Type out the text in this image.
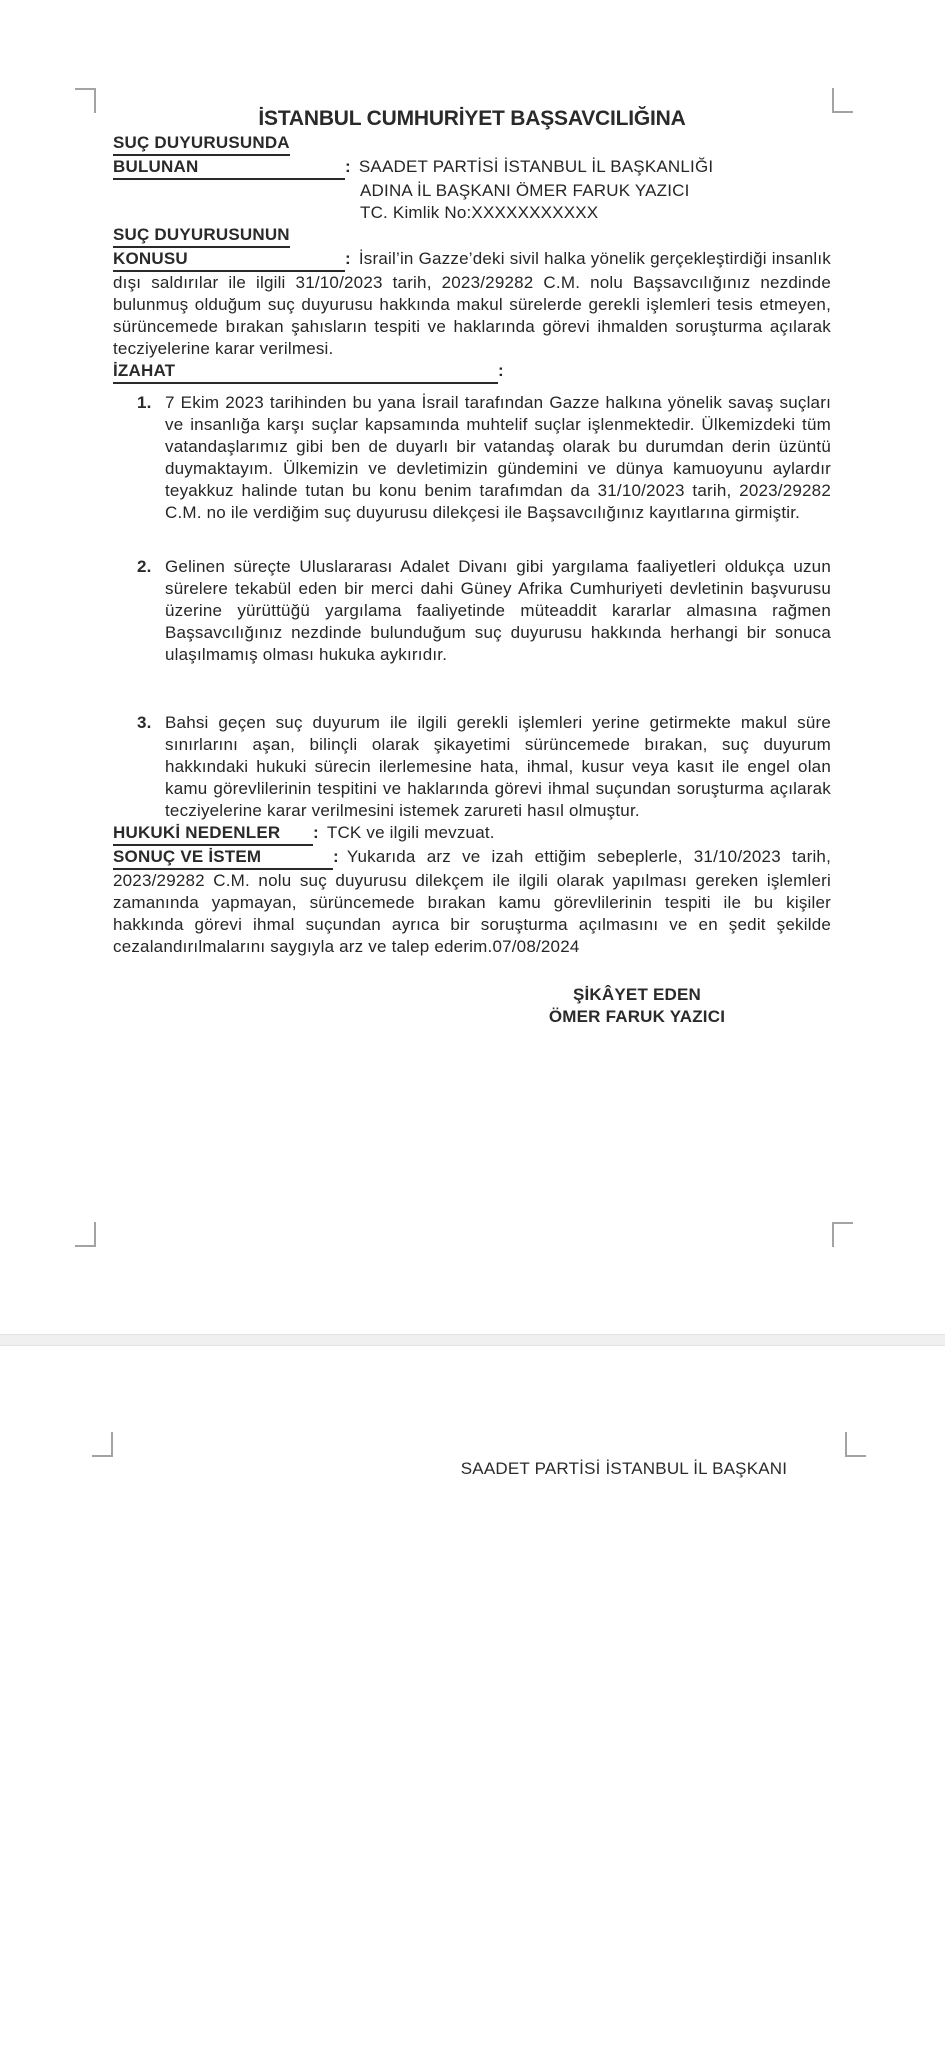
İSTANBUL CUMHURİYET BAŞSAVCILIĞINA

SUÇ DUYURUSUNDA
BULUNAN	: SAADET PARTİSİ İSTANBUL İL BAŞKANLIĞI
ADINA İL BAŞKANI ÖMER FARUK YAZICI
TC. Kimlik No:XXXXXXXXXXX

SUÇ DUYURUSUNUN
KONUSU	: İsrail’in Gazze’deki sivil halka yönelik gerçekleştirdiği insanlık dışı saldırılar ile ilgili 31/10/2023 tarih, 2023/29282 C.M. nolu Başsavcılığınız nezdinde bulunmuş olduğum suç duyurusu hakkında makul sürelerde gerekli işlemleri tesis etmeyen, sürüncemede bırakan şahısların tespiti ve haklarında görevi ihmalden soruşturma açılarak tecziyelerine karar verilmesi.

İZAHAT	:

7 Ekim 2023 tarihinden bu yana İsrail tarafından Gazze halkına yönelik savaş suçları ve insanlığa karşı suçlar kapsamında muhtelif suçlar işlenmektedir. Ülkemizdeki tüm vatandaşlarımız gibi ben de duyarlı bir vatandaş olarak bu durumdan derin üzüntü duymaktayım. Ülkemizin ve devletimizin gündemini ve dünya kamuoyunu aylardır teyakkuz halinde tutan bu konu benim tarafımdan da 31/10/2023 tarih, 2023/29282 C.M. no ile verdiğim suç duyurusu dilekçesi ile Başsavcılığınız kayıtlarına girmiştir.
Gelinen süreçte Uluslararası Adalet Divanı gibi yargılama faaliyetleri oldukça uzun sürelere tekabül eden bir merci dahi Güney Afrika Cumhuriyeti devletinin başvurusu üzerine yürüttüğü yargılama faaliyetinde müteaddit kararlar almasına rağmen Başsavcılığınız nezdinde bulunduğum suç duyurusu hakkında herhangi bir sonuca ulaşılmamış olması hukuka aykırıdır.
Bahsi geçen suç duyurum ile ilgili gerekli işlemleri yerine getirmekte makul süre sınırlarını aşan, bilinçli olarak şikayetimi sürüncemede bırakan, suç duyurum hakkındaki hukuki sürecin ilerlemesine hata, ihmal, kusur veya kasıt ile engel olan kamu görevlilerinin tespitini ve haklarında görevi ihmal suçundan soruşturma açılarak tecziyelerine karar verilmesini istemek zarureti hasıl olmuştur.

HUKUKİ NEDENLER : TCK ve ilgili mevzuat.

SONUÇ VE İSTEM	: Yukarıda arz ve izah ettiğim sebeplerle, 31/10/2023 tarih, 2023/29282 C.M. nolu suç duyurusu dilekçem ile ilgili olarak yapılması gereken işlemleri zamanında yapmayan, sürüncemede bırakan kamu görevlilerinin tespiti ile bu kişiler hakkında görevi ihmal suçundan ayrıca bir soruşturma açılmasını ve en şedit şekilde cezalandırılmalarını saygıyla arz ve talep ederim.07/08/2024

ŞİKÂYET EDEN
ÖMER FARUK YAZICI
SAADET PARTİSİ İSTANBUL İL BAŞKANI
